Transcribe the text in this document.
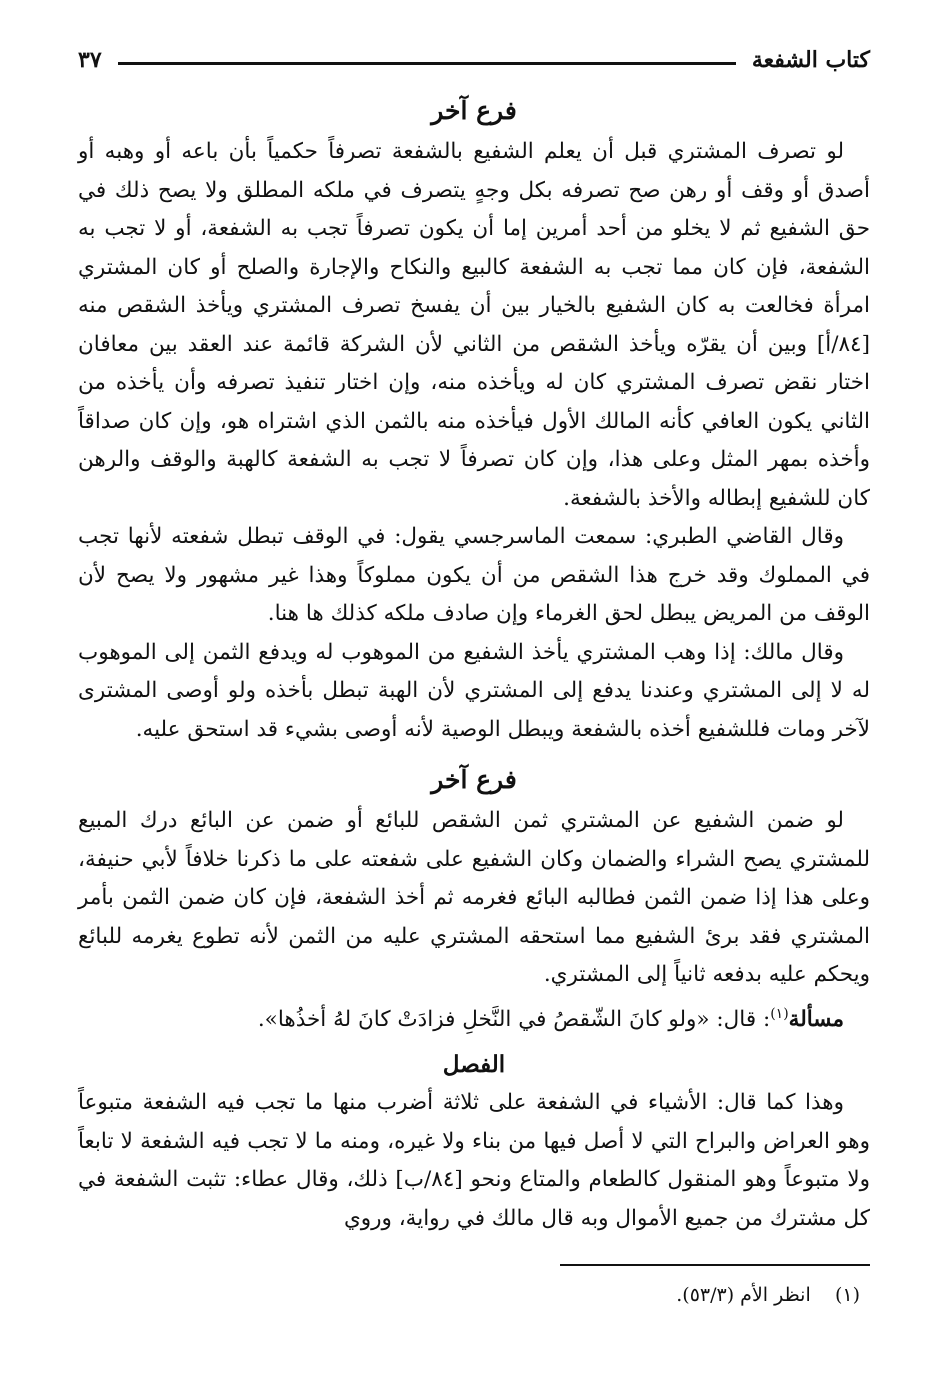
كتاب الشفعة
٣٧
فرع آخر

لو تصرف المشتري قبل أن يعلم الشفيع بالشفعة تصرفاً حكمياً بأن باعه أو وهبه أو أصدق أو وقف أو رهن صح تصرفه بكل وجهٍ يتصرف في ملكه المطلق ولا يصح ذلك في حق الشفيع ثم لا يخلو من أحد أمرين إما أن يكون تصرفاً تجب به الشفعة، أو لا تجب به الشفعة، فإن كان مما تجب به الشفعة كالبيع والنكاح والإجارة والصلح أو كان المشتري امرأة فخالعت به كان الشفيع بالخيار بين أن يفسخ تصرف المشتري ويأخذ الشقص منه [٨٤/أ] وبين أن يقرّه ويأخذ الشقص من الثاني لأن الشركة قائمة عند العقد بين معافان اختار نقض تصرف المشتري كان له ويأخذه منه، وإن اختار تنفيذ تصرفه وأن يأخذه من الثاني يكون العافي كأنه المالك الأول فيأخذه منه بالثمن الذي اشتراه هو، وإن كان صداقاً وأخذه بمهر المثل وعلى هذا، وإن كان تصرفاً لا تجب به الشفعة كالهبة والوقف والرهن كان للشفيع إبطاله والأخذ بالشفعة.

وقال القاضي الطبري: سمعت الماسرجسي يقول: في الوقف تبطل شفعته لأنها تجب في المملوك وقد خرج هذا الشقص من أن يكون مملوكاً وهذا غير مشهور ولا يصح لأن الوقف من المريض يبطل لحق الغرماء وإن صادف ملكه كذلك ها هنا.

وقال مالك: إذا وهب المشتري يأخذ الشفيع من الموهوب له ويدفع الثمن إلى الموهوب له لا إلى المشتري وعندنا يدفع إلى المشتري لأن الهبة تبطل بأخذه ولو أوصى المشترى لآخر ومات فللشفيع أخذه بالشفعة ويبطل الوصية لأنه أوصى بشيء قد استحق عليه.

فرع آخر

لو ضمن الشفيع عن المشتري ثمن الشقص للبائع أو ضمن عن البائع درك المبيع للمشتري يصح الشراء والضمان وكان الشفيع على شفعته على ما ذكرنا خلافاً لأبي حنيفة، وعلى هذا إذا ضمن الثمن فطالبه البائع فغرمه ثم أخذ الشفعة، فإن كان ضمن الثمن بأمر المشتري فقد برئ الشفيع مما استحقه المشتري عليه من الثمن لأنه تطوع يغرمه للبائع ويحكم عليه بدفعه ثانياً إلى المشتري.

مسألة$^{(١)}$: قال: «ولو كانَ الشّقصُ في النَّخلِ فزادَتْ كانَ لهُ أخذُها».

الفصل

وهذا كما قال: الأشياء في الشفعة على ثلاثة أضرب منها ما تجب فيه الشفعة متبوعاً وهو العراض والبراح التي لا أصل فيها من بناء ولا غيره، ومنه ما لا تجب فيه الشفعة لا تابعاً ولا متبوعاً وهو المنقول كالطعام والمتاع ونحو [٨٤/ب] ذلك، وقال عطاء: تثبت الشفعة في كل مشترك من جميع الأموال وبه قال مالك في رواية، وروي

(١)    انظر الأم (٥٣/٣).
